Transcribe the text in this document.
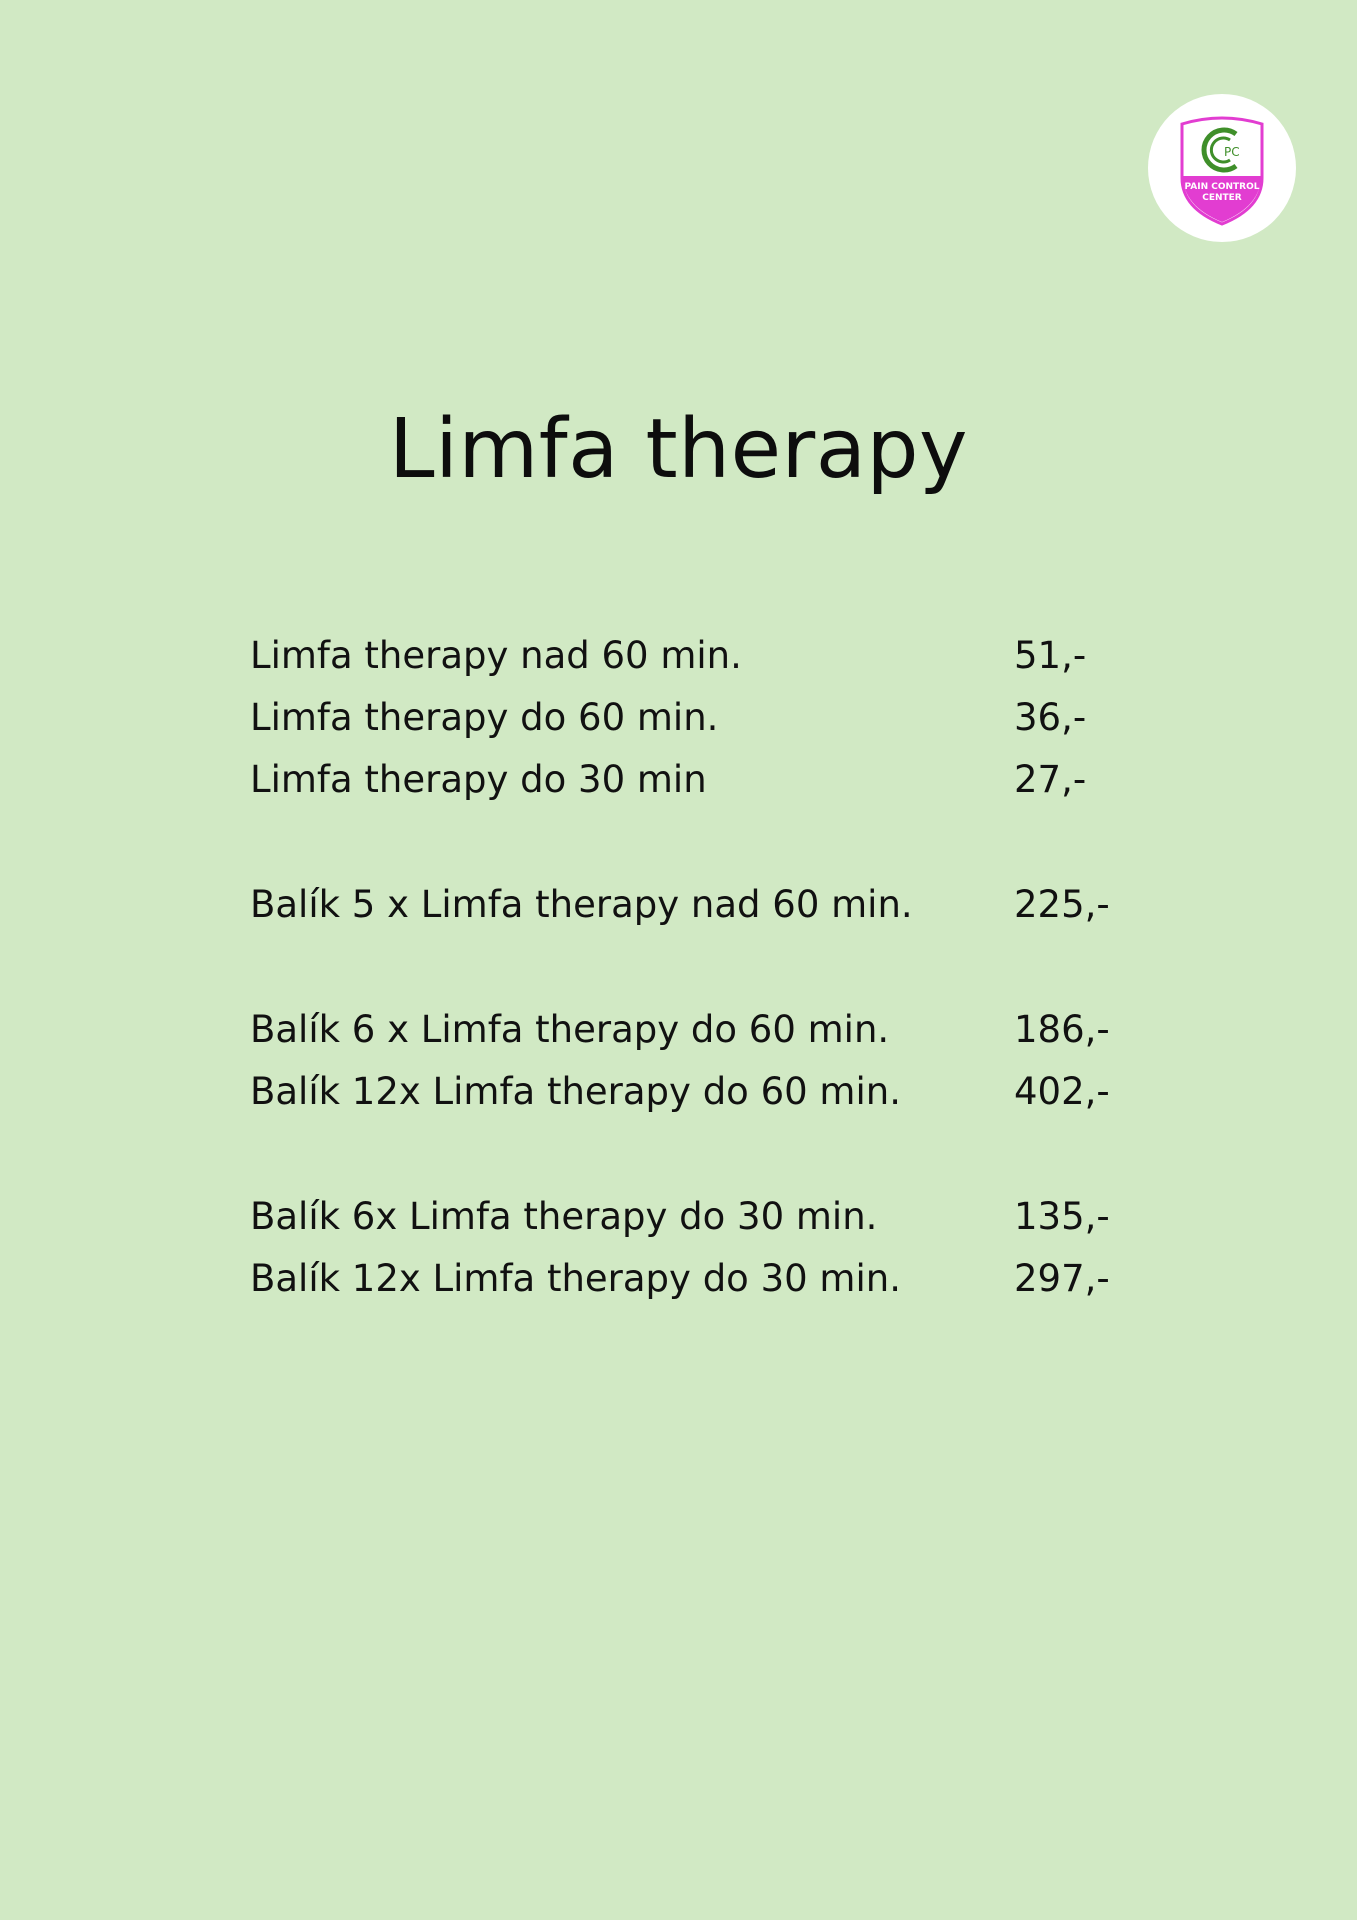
PC
PAIN CONTROL
CENTER
Limfa therapy
Limfa therapy nad 60 min.	51,-
Limfa therapy do 60 min.	36,-
Limfa therapy do 30 min	27,-
Balík 5 x Limfa therapy nad 60 min.	225,-
Balík 6 x Limfa therapy do 60 min.	186,-
Balík 12x Limfa therapy do 60 min.	402,-
Balík 6x Limfa therapy do 30 min.	135,-
Balík 12x Limfa therapy do 30 min.	297,-
